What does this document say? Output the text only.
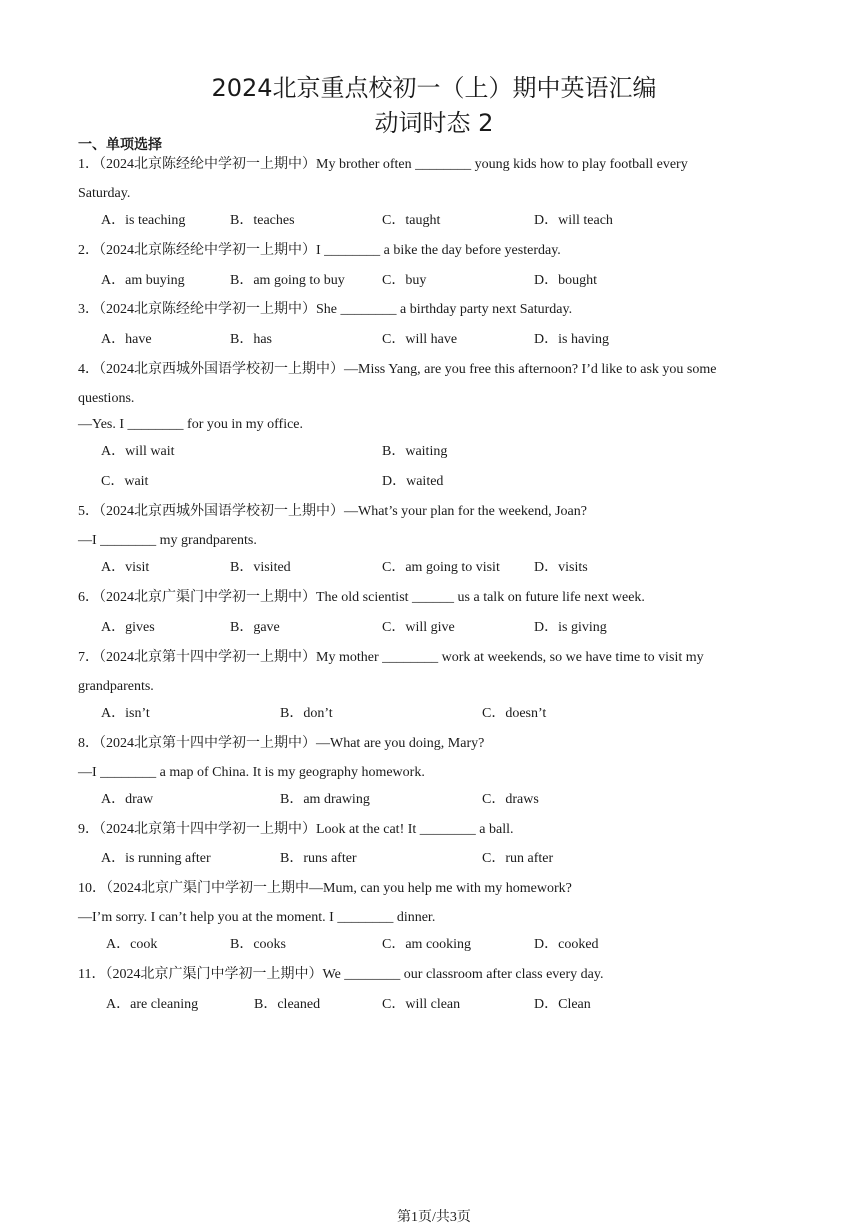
2024北京重点校初一（上）期中英语汇编
动词时态 2
一、单项选择
1．（2024北京陈经纶中学初一上期中）My brother often ________ young kids how to play football every
Saturday.
A．is teaching	B．teaches	C．taught	D．will teach
2．（2024北京陈经纶中学初一上期中）I ________ a bike the day before yesterday.
A．am buying	B．am going to buy	C．buy	D．bought
3．（2024北京陈经纶中学初一上期中）She ________ a birthday party next Saturday.
A．have	B．has	C．will have	D．is having
4．（2024北京西城外国语学校初一上期中）—Miss Yang, are you free this afternoon? I’d like to ask you some
questions.
—Yes. I ________ for you in my office.
A．will wait	B．waiting
C．wait	D．waited
5．（2024北京西城外国语学校初一上期中）—What’s your plan for the weekend, Joan?
—I ________ my grandparents.
A．visit	B．visited	C．am going to visit D．visits
6．（2024北京广渠门中学初一上期中）The old scientist ______ us a talk on future life next week.
A．gives	B．gave	C．will give	D．is giving
7．（2024北京第十四中学初一上期中）My mother ________ work at weekends, so we have time to visit my
grandparents.
A．isn’t	B．don’t	C．doesn’t
8．（2024北京第十四中学初一上期中）—What are you doing, Mary?
—I ________ a map of China. It is my geography homework.
A．draw	B．am drawing	C．draws
9．（2024北京第十四中学初一上期中）Look at the cat! It ________ a ball.
A．is running after	B．runs after	C．run after
10．（2024北京广渠门中学初一上期中—Mum, can you help me with my homework?
—I’m sorry. I can’t help you at the moment. I ________ dinner.
A．cook	B．cooks	C．am cooking	D．cooked
11．（2024北京广渠门中学初一上期中）We ________ our classroom after class every day.
A．are cleaning	B．cleaned	C．will clean	D．Clean
第1页/共3页
